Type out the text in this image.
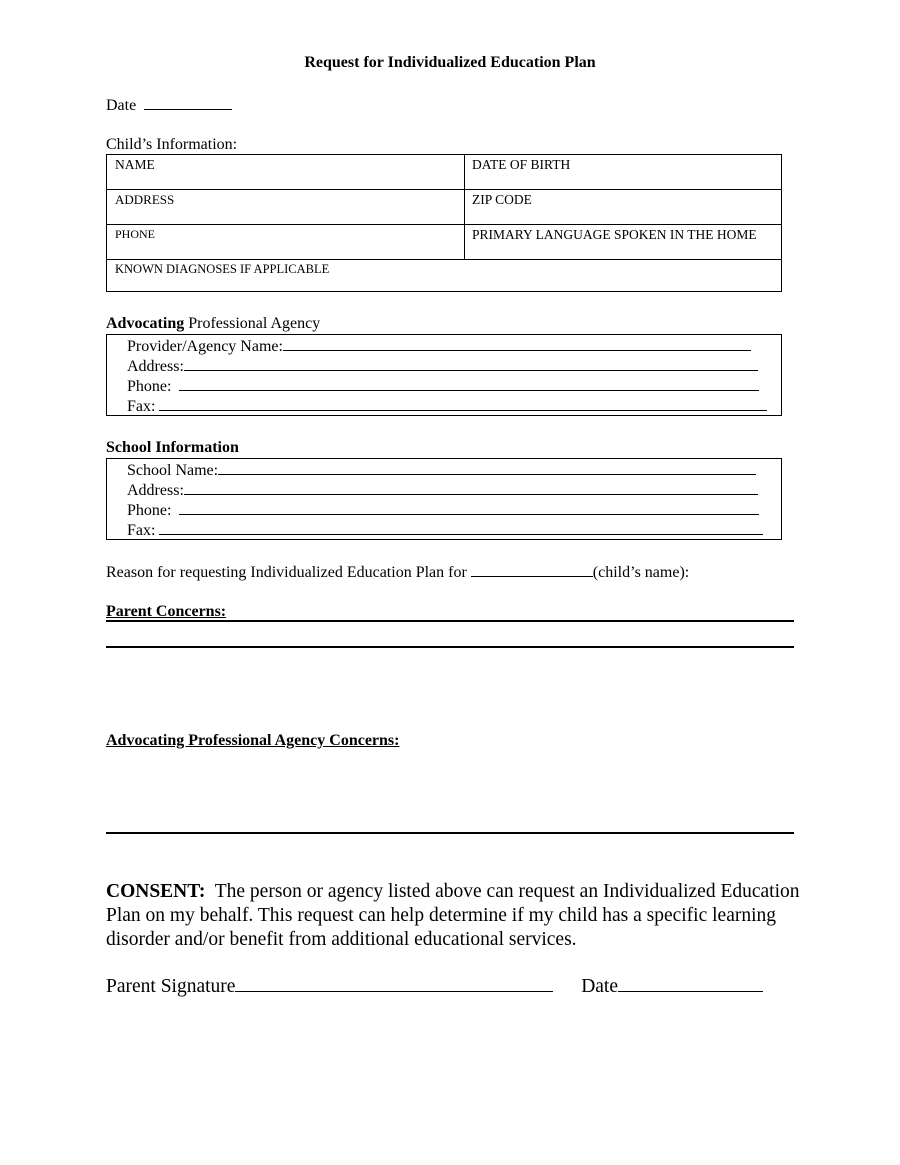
Request for Individualized Education Plan
Date
Child’s Information:
NAME	DATE OF BIRTH
ADDRESS	ZIP CODE
PHONE	PRIMARY LANGUAGE SPOKEN IN THE HOME
KNOWN DIAGNOSES IF APPLICABLE
Advocating Professional Agency
Provider/Agency Name:
Address:
Phone:
Fax:
School Information
School Name:
Address:
Phone:
Fax:
Reason for requesting Individualized Education Plan for	(child’s name):
Parent Concerns:
Advocating Professional Agency Concerns:
CONSENT: The person or agency listed above can request an Individualized Education Plan on my behalf. This request can help determine if my child has a specific learning disorder and/or benefit from additional educational services.
Parent Signature	Date
